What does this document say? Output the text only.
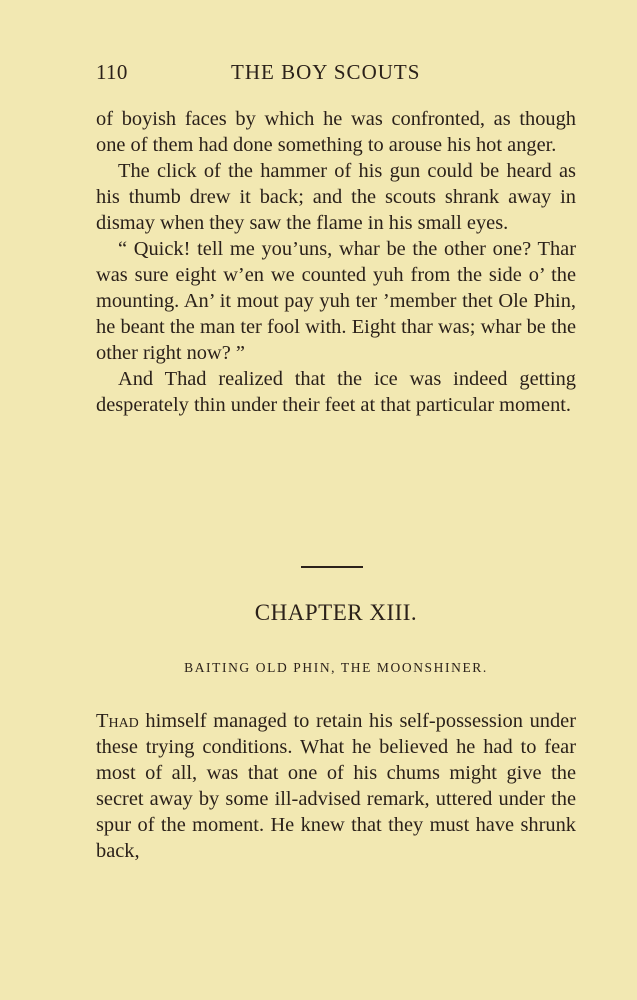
110	THE BOY SCOUTS

of boyish faces by which he was confronted, as though one of them had done something to arouse his hot anger.

The click of the hammer of his gun could be heard as his thumb drew it back; and the scouts shrank away in dismay when they saw the flame in his small eyes.

“ Quick! tell me you’uns, whar be the other one? Thar was sure eight w’en we counted yuh from the side o’ the mounting. An’ it mout pay yuh ter ’member thet Ole Phin, he beant the man ter fool with. Eight thar was; whar be the other right now? ”

And Thad realized that the ice was indeed getting desperately thin under their feet at that particular moment.

CHAPTER XIII.
BAITING OLD PHIN, THE MOONSHINER.

Thad himself managed to retain his self-possession under these trying conditions. What he believed he had to fear most of all, was that one of his chums might give the secret away by some ill-advised remark, uttered under the spur of the moment. He knew that they must have shrunk back,
